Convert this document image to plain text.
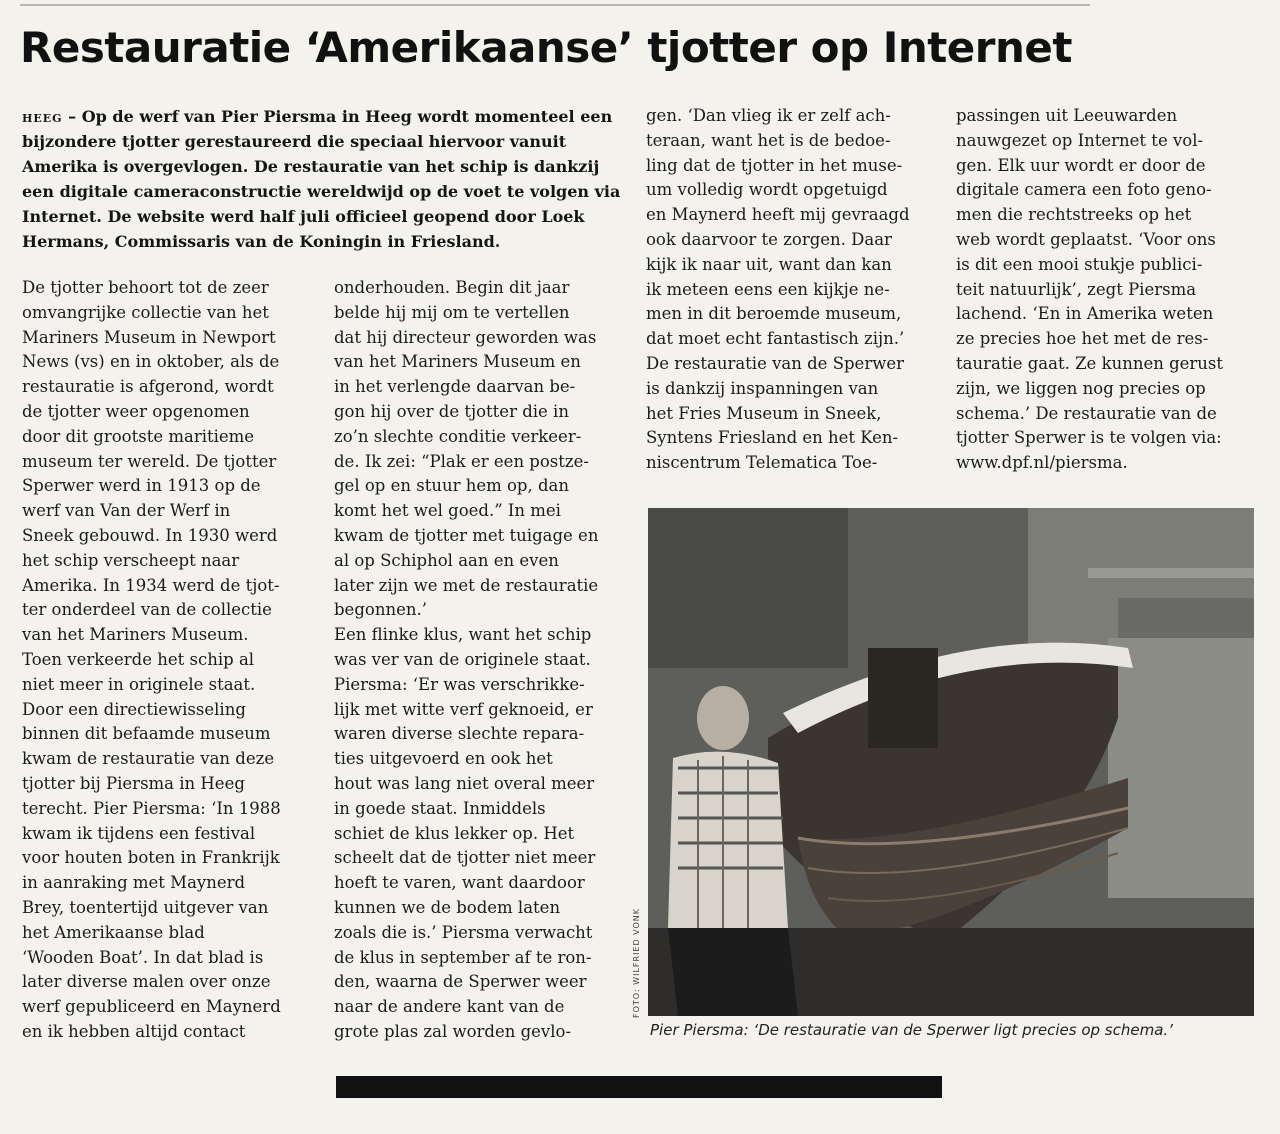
Restauratie ‘Amerikaanse’ tjotter op Internet
heeg – Op de werf van Pier Piersma in Heeg wordt momenteel een bijzondere tjotter gerestaureerd die speciaal hiervoor vanuit Amerika is overgevlogen. De restauratie van het schip is dankzij een digitale cameraconstructie wereldwijd op de voet te volgen via Internet. De website werd half juli officieel geopend door Loek Hermans, Commissaris van de Koningin in Friesland.
De tjotter behoort tot de zeer
omvangrijke collectie van het
Mariners Museum in Newport
News (vs) en in oktober, als de
restauratie is afgerond, wordt
de tjotter weer opgenomen
door dit grootste maritieme
museum ter wereld. De tjotter
Sperwer werd in 1913 op de
werf van Van der Werf in
Sneek gebouwd. In 1930 werd
het schip verscheept naar
Amerika. In 1934 werd de tjot-
ter onderdeel van de collectie
van het Mariners Museum.
Toen verkeerde het schip al
niet meer in originele staat.
Door een directiewisseling
binnen dit befaamde museum
kwam de restauratie van deze
tjotter bij Piersma in Heeg
terecht. Pier Piersma: ‘In 1988
kwam ik tijdens een festival
voor houten boten in Frankrijk
in aanraking met Maynerd
Brey, toentertijd uitgever van
het Amerikaanse blad
‘Wooden Boat’. In dat blad is
later diverse malen over onze
werf gepubliceerd en Maynerd
en ik hebben altijd contact
onderhouden. Begin dit jaar
belde hij mij om te vertellen
dat hij directeur geworden was
van het Mariners Museum en
in het verlengde daarvan be-
gon hij over de tjotter die in
zo’n slechte conditie verkeer-
de. Ik zei: “Plak er een postze-
gel op en stuur hem op, dan
komt het wel goed.” In mei
kwam de tjotter met tuigage en
al op Schiphol aan en even
later zijn we met de restauratie
begonnen.’
Een flinke klus, want het schip
was ver van de originele staat.
Piersma: ‘Er was verschrikke-
lijk met witte verf geknoeid, er
waren diverse slechte repara-
ties uitgevoerd en ook het
hout was lang niet overal meer
in goede staat. Inmiddels
schiet de klus lekker op. Het
scheelt dat de tjotter niet meer
hoeft te varen, want daardoor
kunnen we de bodem laten
zoals die is.’ Piersma verwacht
de klus in september af te ron-
den, waarna de Sperwer weer
naar de andere kant van de
grote plas zal worden gevlo-
gen. ‘Dan vlieg ik er zelf ach-
teraan, want het is de bedoe-
ling dat de tjotter in het muse-
um volledig wordt opgetuigd
en Maynerd heeft mij gevraagd
ook daarvoor te zorgen. Daar
kijk ik naar uit, want dan kan
ik meteen eens een kijkje ne-
men in dit beroemde museum,
dat moet echt fantastisch zijn.’
De restauratie van de Sperwer
is dankzij inspanningen van
het Fries Museum in Sneek,
Syntens Friesland en het Ken-
niscentrum Telematica Toe-
passingen uit Leeuwarden
nauwgezet op Internet te vol-
gen. Elk uur wordt er door de
digitale camera een foto geno-
men die rechtstreeks op het
web wordt geplaatst. ‘Voor ons
is dit een mooi stukje publici-
teit natuurlijk’, zegt Piersma
lachend. ‘En in Amerika weten
ze precies hoe het met de res-
tauratie gaat. Ze kunnen gerust
zijn, we liggen nog precies op
schema.’ De restauratie van de
tjotter Sperwer is te volgen via:
www.dpf.nl/piersma.
FOTO: WILFRIED VONK
Pier Piersma: ‘De restauratie van de Sperwer ligt precies op schema.’
